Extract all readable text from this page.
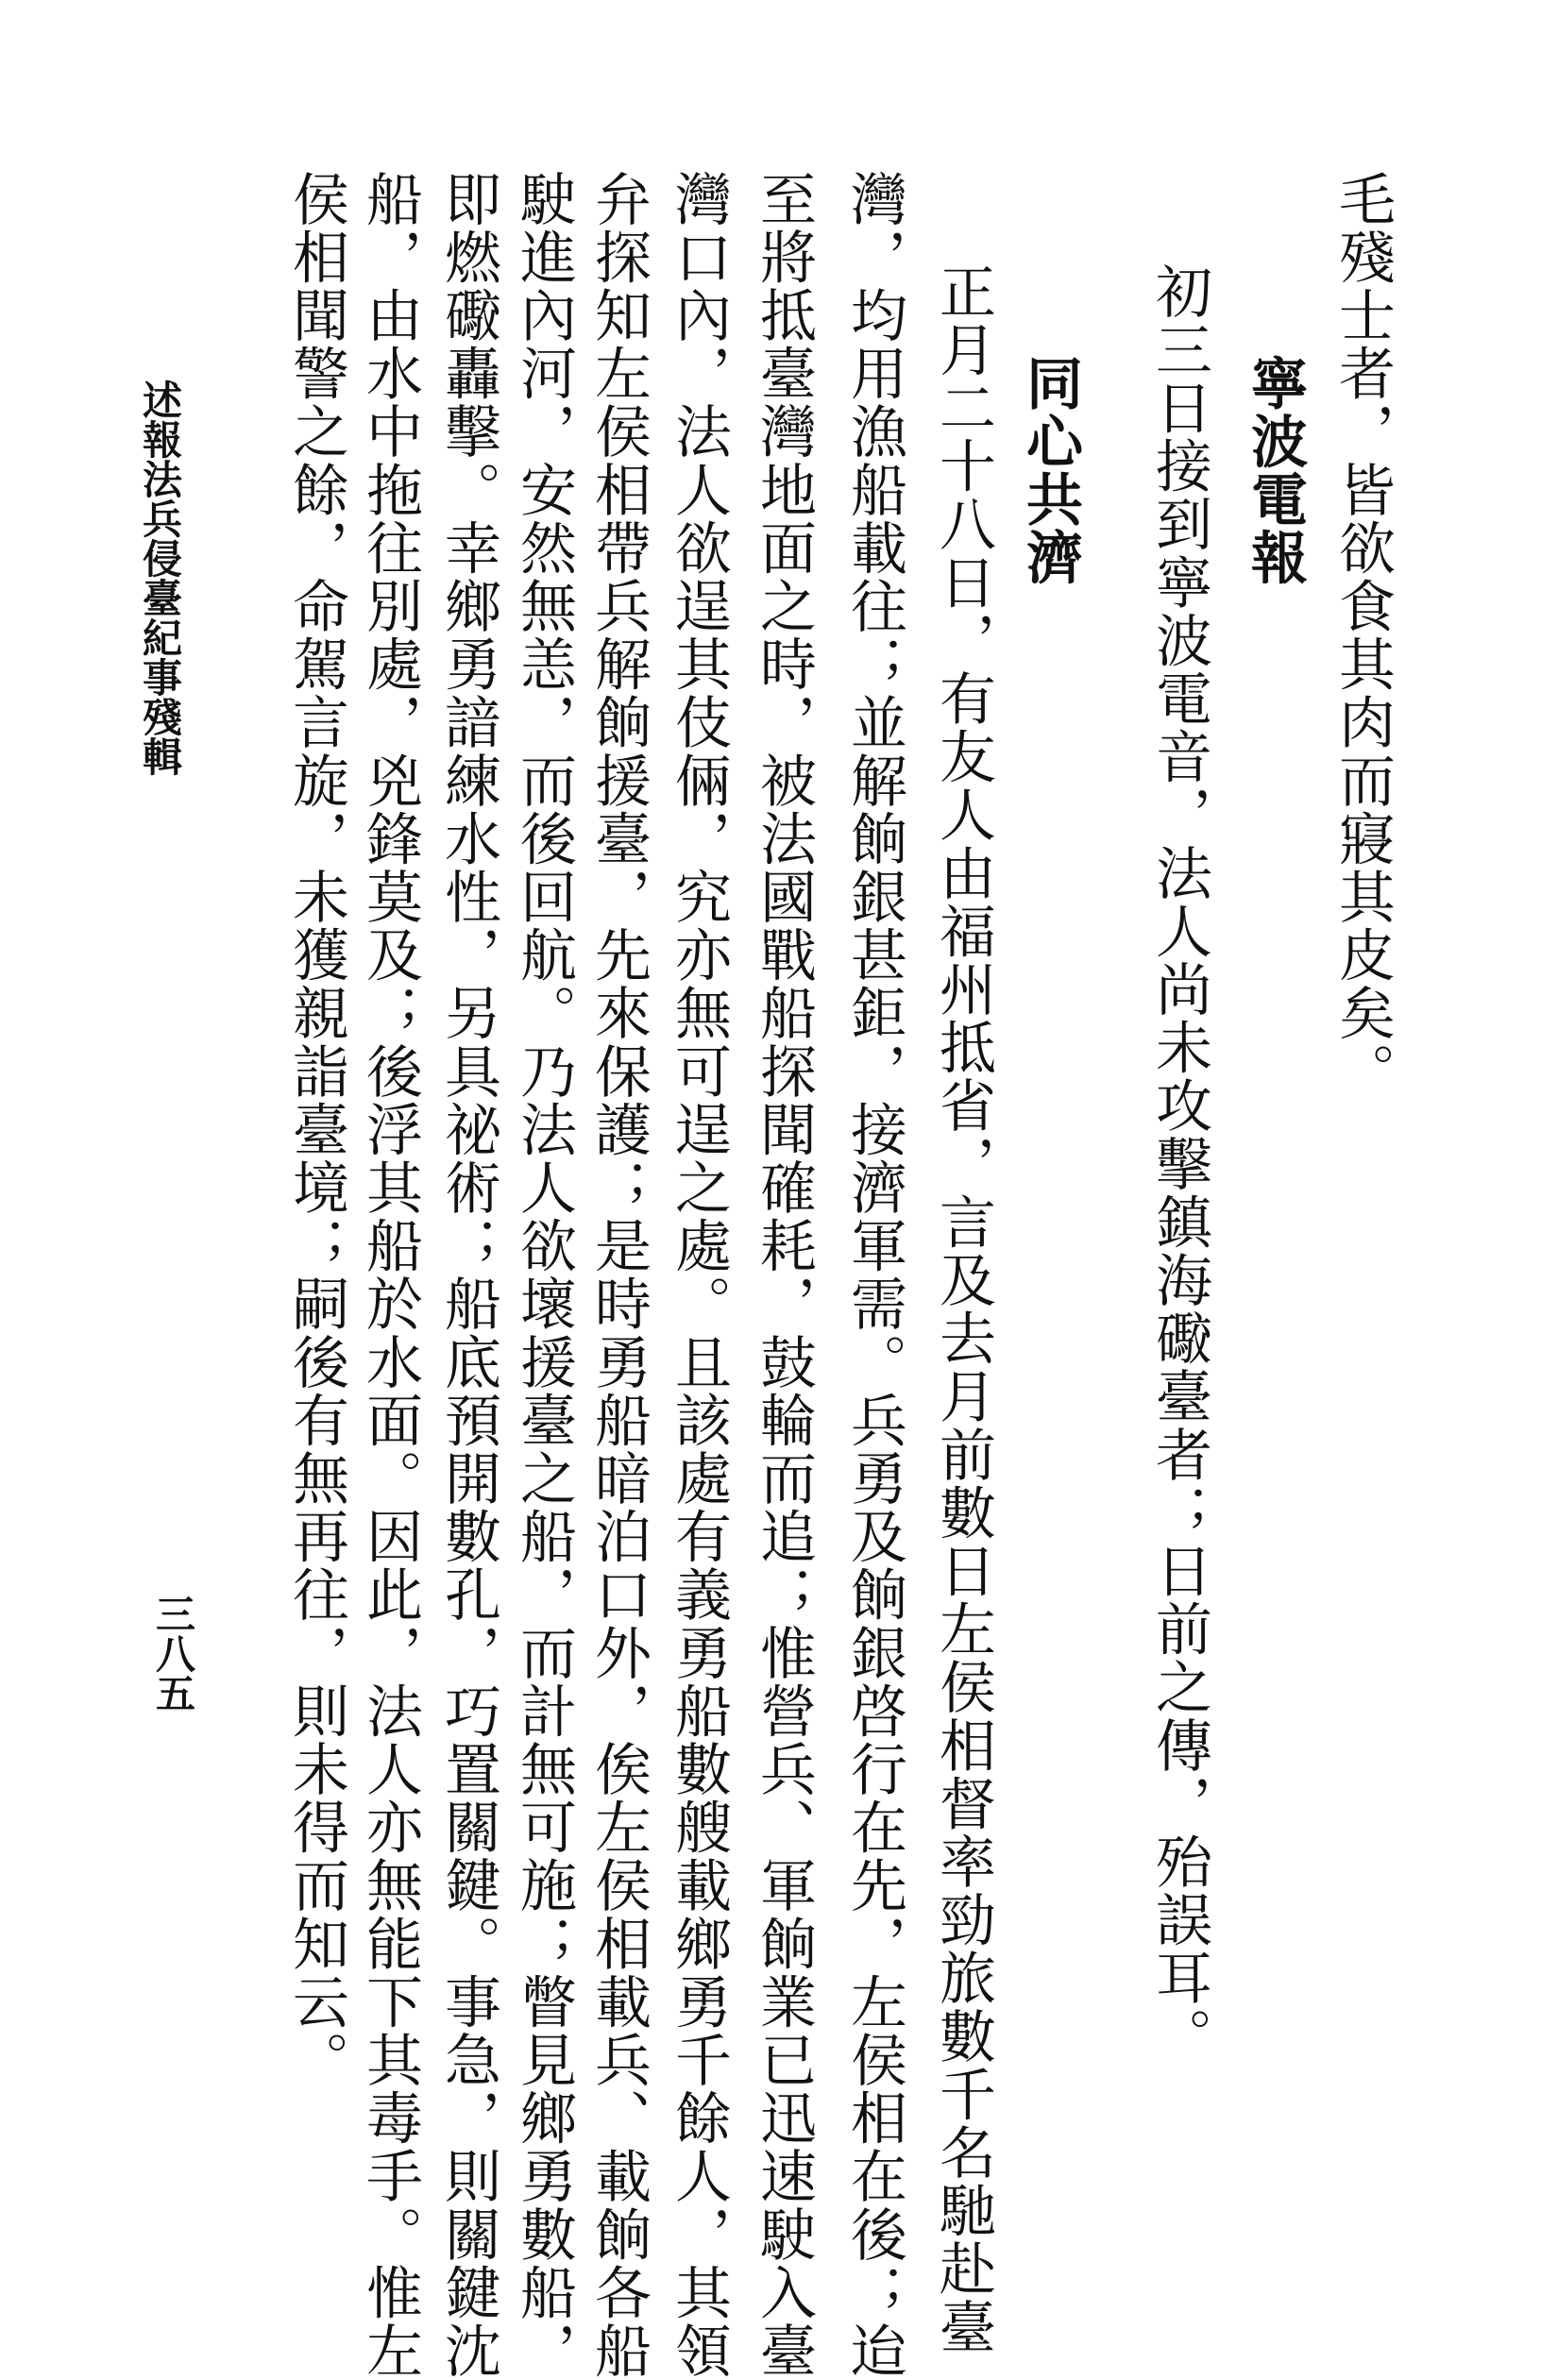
毛殘士者，皆欲食其肉而寢其皮矣。
寧波電報
初三日接到寧波電音，法人尚未攻擊鎮海礮臺者；日前之傳，殆誤耳。
同心共濟
正月二十八日，有友人由福州抵省，言及去月前數日左侯相督率勁旅數千名馳赴臺
灣，均用漁船載往；並解餉銀甚鉅，接濟軍需。兵勇及餉銀啓行在先，左侯相在後；迨
至將抵臺灣地面之時，被法國戰船探聞確耗，鼓輪而追；惟營兵、軍餉業已迅速駛入臺
灣口內，法人欲逞其伎倆，究亦無可逞之處。且該處有義勇船數艘載鄉勇千餘人，其領
弁探知左侯相帶兵解餉援臺，先來保護；是時勇船暗泊口外，俟左侯相載兵、載餉各船
駛進內河，安然無恙，而後回航。乃法人欲壞援臺之船，而計無可施；瞥見鄉勇數船，
即燃礮轟擊。幸鄉勇諳練水性，另具祕術；船底預開數孔，巧置關鍵。事急，則關鍵沈
船，由水中拖往別處，兇鋒莫及；後浮其船於水面。因此，法人亦無能下其毒手。惟左
侯相聞警之餘，命駕言旋，未獲親詣臺境；嗣後有無再往，則未得而知云。
述報法兵侵臺紀事殘輯
三八五
